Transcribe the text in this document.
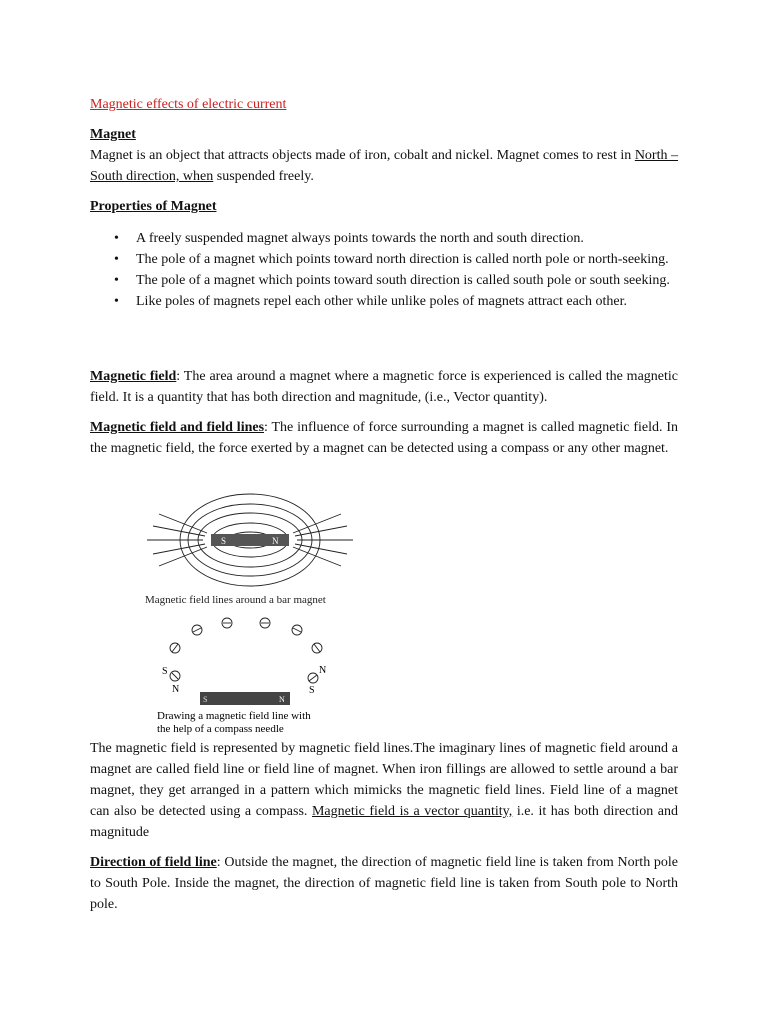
Magnetic effects of electric current
Magnet
Magnet is an object that attracts objects made of iron, cobalt and nickel. Magnet comes to rest in North – South direction, when suspended freely.
Properties of Magnet
• A freely suspended magnet always points towards the north and south direction.
• The pole of a magnet which points toward north direction is called north pole or north-seeking.
• The pole of a magnet which points toward south direction is called south pole or south seeking.
• Like poles of magnets repel each other while unlike poles of magnets attract each other.
Magnetic field: The area around a magnet where a magnetic force is experienced is called the magnetic field. It is a quantity that has both direction and magnitude, (i.e., Vector quantity).
Magnetic field and field lines: The influence of force surrounding a magnet is called magnetic field. In the magnetic field, the force exerted by a magnet can be detected using a compass or any other magnet.
S	N
Magnetic field lines around a bar magnet
S
N
N
S
S	N
Drawing a magnetic field line with
the help of a compass needle
The magnetic field is represented by magnetic field lines.The imaginary lines of magnetic field around a magnet are called field line or field line of magnet. When iron fillings are allowed to settle around a bar magnet, they get arranged in a pattern which mimicks the magnetic field lines. Field line of a magnet can also be detected using a compass. Magnetic field is a vector quantity, i.e. it has both direction and magnitude
Direction of field line: Outside the magnet, the direction of magnetic field line is taken from North pole to South Pole. Inside the magnet, the direction of magnetic field line is taken from South pole to North pole.
